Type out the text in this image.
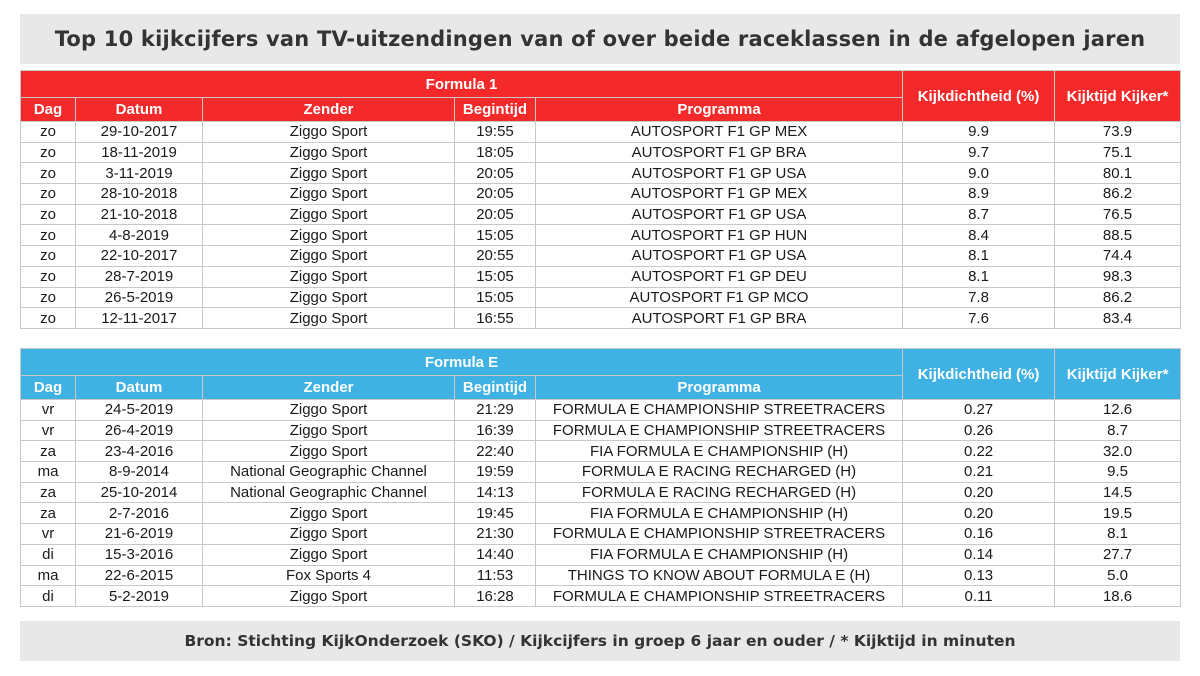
Top 10 kijkcijfers van TV-uitzendingen van of over beide raceklassen in de afgelopen jaren
Formula 1					Kijkdichtheid (%)	Kijktijd Kijker*
Dag	Datum	Zender	Begintijd	Programma		
zo	29-10-2017	Ziggo Sport	19:55	AUTOSPORT F1 GP MEX	9.9	73.9
zo	18-11-2019	Ziggo Sport	18:05	AUTOSPORT F1 GP BRA	9.7	75.1
zo	3-11-2019	Ziggo Sport	20:05	AUTOSPORT F1 GP USA	9.0	80.1
zo	28-10-2018	Ziggo Sport	20:05	AUTOSPORT F1 GP MEX	8.9	86.2
zo	21-10-2018	Ziggo Sport	20:05	AUTOSPORT F1 GP USA	8.7	76.5
zo	4-8-2019	Ziggo Sport	15:05	AUTOSPORT F1 GP HUN	8.4	88.5
zo	22-10-2017	Ziggo Sport	20:55	AUTOSPORT F1 GP USA	8.1	74.4
zo	28-7-2019	Ziggo Sport	15:05	AUTOSPORT F1 GP DEU	8.1	98.3
zo	26-5-2019	Ziggo Sport	15:05	AUTOSPORT F1 GP MCO	7.8	86.2
zo	12-11-2017	Ziggo Sport	16:55	AUTOSPORT F1 GP BRA	7.6	83.4
Formula E					Kijkdichtheid (%)	Kijktijd Kijker*
Dag	Datum	Zender	Begintijd	Programma		
vr	24-5-2019	Ziggo Sport	21:29	FORMULA E CHAMPIONSHIP STREETRACERS	0.27	12.6
vr	26-4-2019	Ziggo Sport	16:39	FORMULA E CHAMPIONSHIP STREETRACERS	0.26	8.7
za	23-4-2016	Ziggo Sport	22:40	FIA FORMULA E CHAMPIONSHIP (H)	0.22	32.0
ma	8-9-2014	National Geographic Channel	19:59	FORMULA E RACING RECHARGED (H)	0.21	9.5
za	25-10-2014	National Geographic Channel	14:13	FORMULA E RACING RECHARGED (H)	0.20	14.5
za	2-7-2016	Ziggo Sport	19:45	FIA FORMULA E CHAMPIONSHIP (H)	0.20	19.5
vr	21-6-2019	Ziggo Sport	21:30	FORMULA E CHAMPIONSHIP STREETRACERS	0.16	8.1
di	15-3-2016	Ziggo Sport	14:40	FIA FORMULA E CHAMPIONSHIP (H)	0.14	27.7
ma	22-6-2015	Fox Sports 4	11:53	THINGS TO KNOW ABOUT FORMULA E (H)	0.13	5.0
di	5-2-2019	Ziggo Sport	16:28	FORMULA E CHAMPIONSHIP STREETRACERS	0.11	18.6
Bron: Stichting KijkOnderzoek (SKO) / Kijkcijfers in groep 6 jaar en ouder / * Kijktijd in minuten
